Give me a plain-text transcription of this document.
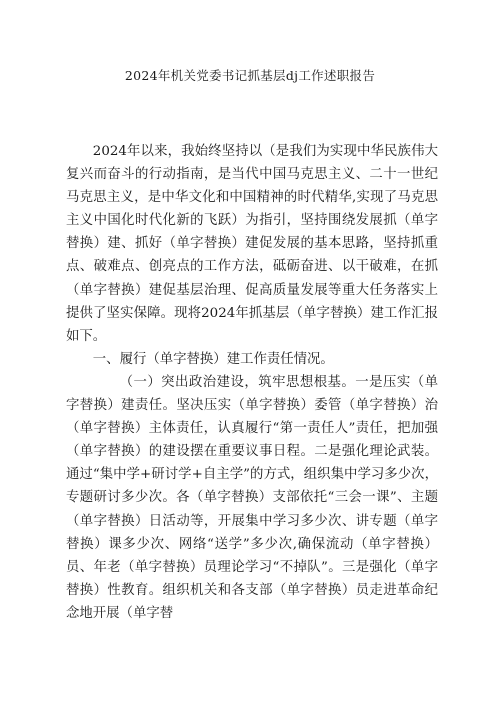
2024年机关党委书记抓基层dj工作述职报告

2024年以来，我始终坚持以（是我们为实现中华民族伟大复兴而奋斗的行动指南，是当代中国马克思主义、二十一世纪马克思主义，是中华文化和中国精神的时代精华,实现了马克思主义中国化时代化新的飞跃）为指引，坚持围绕发展抓（单字替换）建、抓好（单字替换）建促发展的基本思路，坚持抓重点、破难点、创亮点的工作方法，砥砺奋进、以干破难，在抓（单字替换）建促基层治理、促高质量发展等重大任务落实上提供了坚实保障。现将2024年抓基层（单字替换）建工作汇报如下。

一、履行（单字替换）建工作责任情况。

（一）突出政治建设，筑牢思想根基。一是压实（单字替换）建责任。坚决压实（单字替换）委管（单字替换）治（单字替换）主体责任，认真履行“第一责任人”责任，把加强（单字替换）的建设摆在重要议事日程。二是强化理论武装。通过“集中学+研讨学+自主学”的方式，组织集中学习多少次，专题研讨多少次。各（单字替换）支部依托“三会一课”、主题（单字替换）日活动等，开展集中学习多少次、讲专题（单字替换）课多少次、网络“送学”多少次,确保流动（单字替换）员、年老（单字替换）员理论学习“不掉队”。三是强化（单字替换）性教育。组织机关和各支部（单字替换）员走进革命纪念地开展（单字替
